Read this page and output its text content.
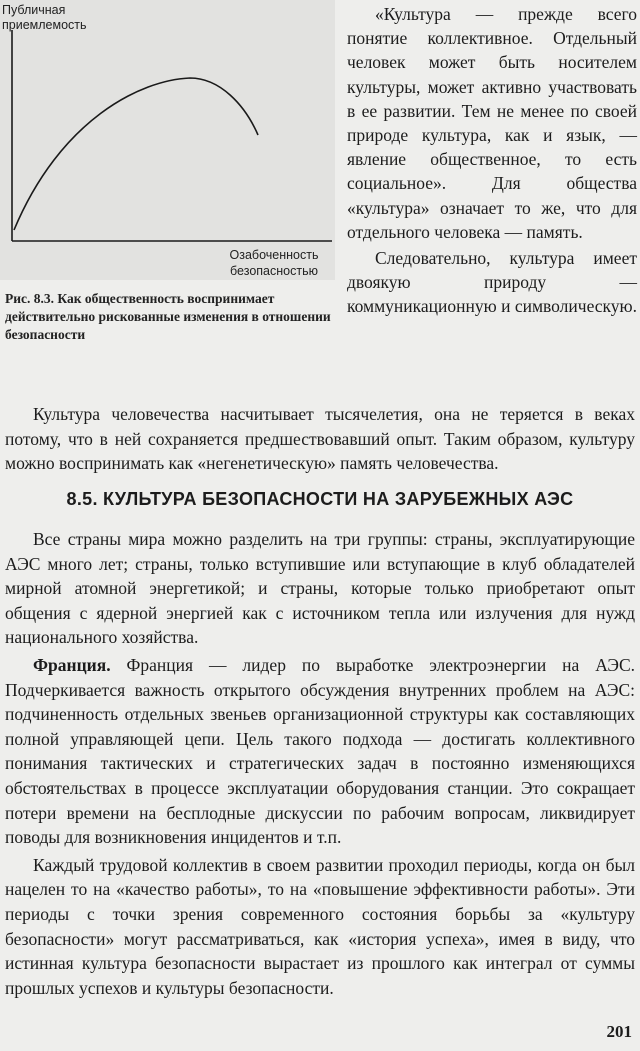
Публичная приемлемость
Озабоченность безопасностью
Рис. 8.3. Как общественность воспринимает действительно рискованные изменения в отношении безопасности

«Культура — прежде всего понятие коллективное. Отдельный человек может быть носителем культуры, может активно участвовать в ее развитии. Тем не менее по своей природе культура, как и язык, — явление общественное, то есть социальное». Для общества «культура» означает то же, что для отдельного человека — память.

Следовательно, культура имеет двоякую природу — коммуникационную и символическую.

Культура человечества насчитывает тысячелетия, она не теряется в веках потому, что в ней сохраняется предшествовавший опыт. Таким образом, культуру можно воспринимать как «негенетическую» память человечества.

8.5. КУЛЬТУРА БЕЗОПАСНОСТИ НА ЗАРУБЕЖНЫХ АЭС

Все страны мира можно разделить на три группы: страны, эксплуатирующие АЭС много лет; страны, только вступившие или вступающие в клуб обладателей мирной атомной энергетикой; и страны, которые только приобретают опыт общения с ядерной энергией как с источником тепла или излучения для нужд национального хозяйства.

Франция. Франция — лидер по выработке электроэнергии на АЭС. Подчеркивается важность открытого обсуждения внутренних проблем на АЭС: подчиненность отдельных звеньев организационной структуры как составляющих полной управляющей цепи. Цель такого подхода — достигать коллективного понимания тактических и стратегических задач в постоянно изменяющихся обстоятельствах в процессе эксплуатации оборудования станции. Это сокращает потери времени на бесплодные дискуссии по рабочим вопросам, ликвидирует поводы для возникновения инцидентов и т.п.

Каждый трудовой коллектив в своем развитии проходил периоды, когда он был нацелен то на «качество работы», то на «повышение эффективности работы». Эти периоды с точки зрения современного состояния борьбы за «культуру безопасности» могут рассматриваться, как «история успеха», имея в виду, что истинная культура безопасности вырастает из прошлого как интеграл от суммы прошлых успехов и культуры безопасности.

201
